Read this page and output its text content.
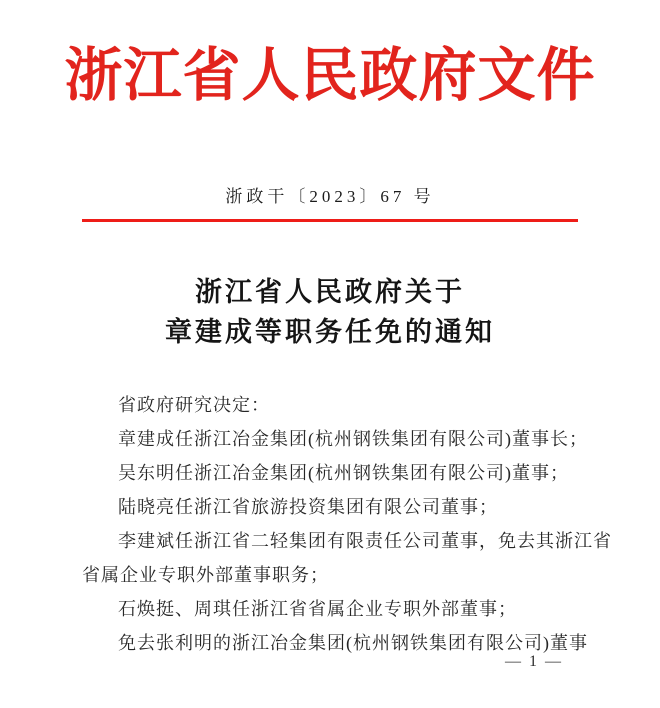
浙江省人民政府文件
浙政干〔2023〕67 号
浙江省人民政府关于
章建成等职务任免的通知
省政府研究决定：
章建成任浙江冶金集团(杭州钢铁集团有限公司)董事长；
吴东明任浙江冶金集团(杭州钢铁集团有限公司)董事；
陆晓亮任浙江省旅游投资集团有限公司董事；
李建斌任浙江省二轻集团有限责任公司董事，免去其浙江省
省属企业专职外部董事职务；
石焕挺、周琪任浙江省省属企业专职外部董事；
免去张利明的浙江冶金集团(杭州钢铁集团有限公司)董事
— 1 —
